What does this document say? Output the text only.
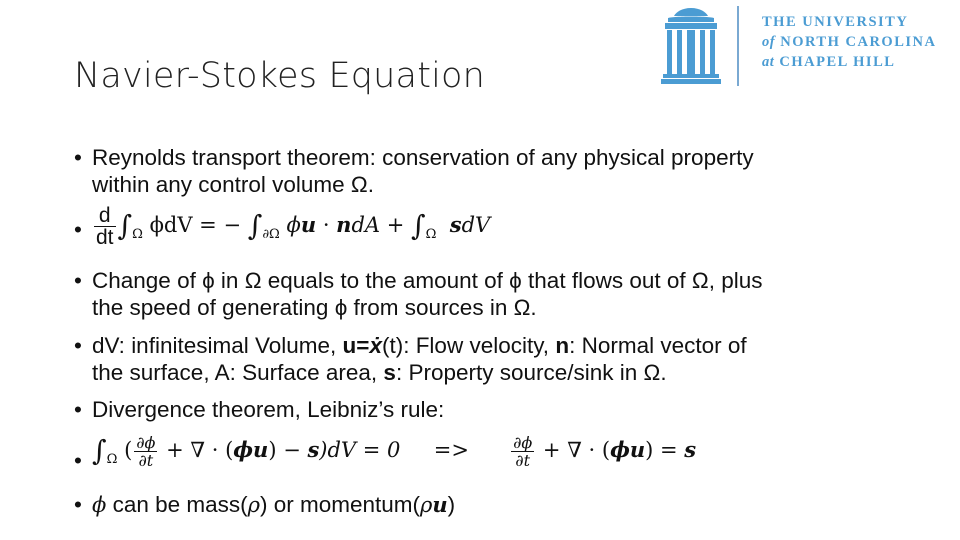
Navier-Stokes Equation
THE UNIVERSITY
of NORTH CAROLINA
at CHAPEL HILL
• Reynolds transport theorem: conservation of any physical property
within any control volume Ω.
• $\frac{d}{dt} \int_\Omega$ ϕdV = − $\int_{\partial\Omega}$ ϕu · ndA + $\int_\Omega$ sdV
• Change of ϕ in Ω equals to the amount of ϕ that flows out of Ω, plus
the speed of generating ϕ from sources in Ω.
• dV: infinitesimal Volume, u=ẋ(t): Flow velocity, n: Normal vector of
the surface, A: Surface area, s: Property source/sink in Ω.
• Divergence theorem, Leibniz’s rule:
• $\int_\Omega$ ( $\frac{\partial\phi}{\partial t}$ + ∇ · (ϕu) − s)dV = 0 =>	$\frac{\partial\phi}{\partial t}$ + ∇ · (ϕu) = s
• ϕ can be mass(ρ) or momentum(ρu)
